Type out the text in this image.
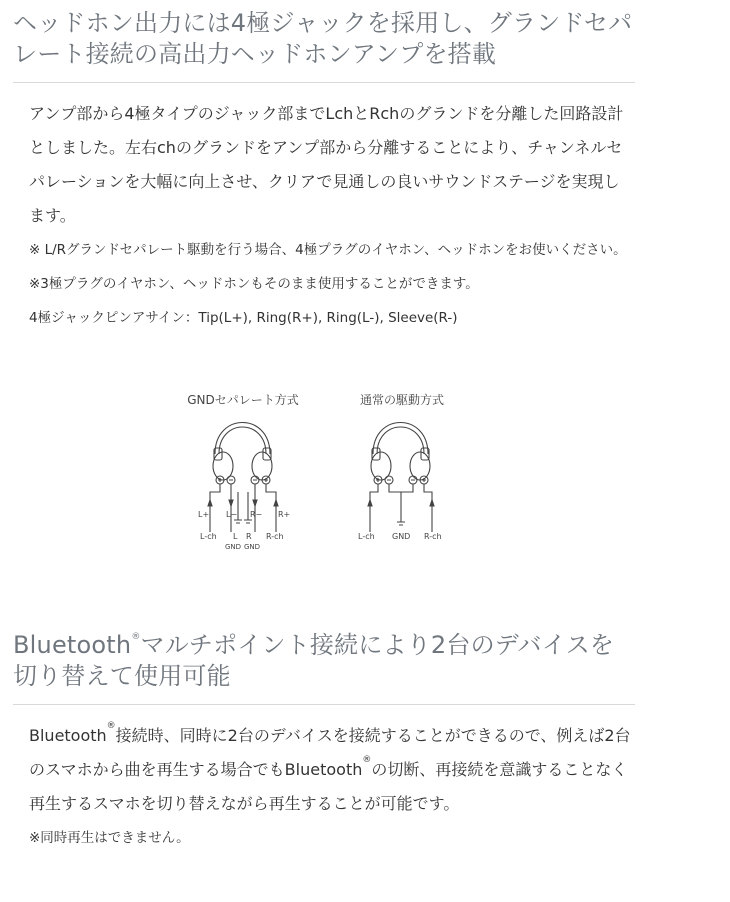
ヘッドホン出力には4極ジャックを採用し、グランドセパレート接続の高出力ヘッドホンアンプを搭載

アンプ部から4極タイプのジャック部までLchとRchのグランドを分離した回路設計としました。左右chのグランドをアンプ部から分離することにより、チャンネルセパレーションを大幅に向上させ、クリアで見通しの良いサウンドステージを実現します。

※ L/Rグランドセパレート駆動を行う場合、4極プラグのイヤホン、ヘッドホンをお使いください。

※3極プラグのイヤホン、ヘッドホンもそのまま使用することができます。

4極ジャックピンアサイン：Tip(L+), Ring(R+), Ring(L-), Sleeve(R-)

GNDセパレート方式	通常の駆動方式
L+ L− R− R+
L-ch L R R-ch
GND GND
L-ch GND R-ch
Bluetooth®マルチポイント接続により2台のデバイスを切り替えて使用可能

Bluetooth®接続時、同時に2台のデバイスを接続することができるので、例えば2台のスマホから曲を再生する場合でもBluetooth®の切断、再接続を意識することなく再生するスマホを切り替えながら再生することが可能です。

※同時再生はできません。
